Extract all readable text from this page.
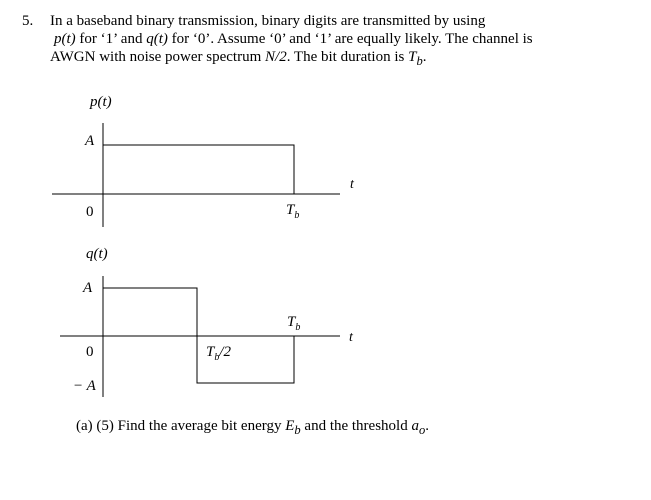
5. In a baseband binary transmission, binary digits are transmitted by using
p(t) for ‘1’ and q(t) for ‘0’. Assume ‘0’ and ‘1’ are equally likely. The channel is
AWGN with noise power spectrum N/2. The bit duration is $T_b$.
p(t)
A
0	$T_b$
t
q(t)
A
0
− A
$T_b/2$
$T_b$
t
(a) (5) Find the average bit energy $E_b$ and the threshold $a_o$.
